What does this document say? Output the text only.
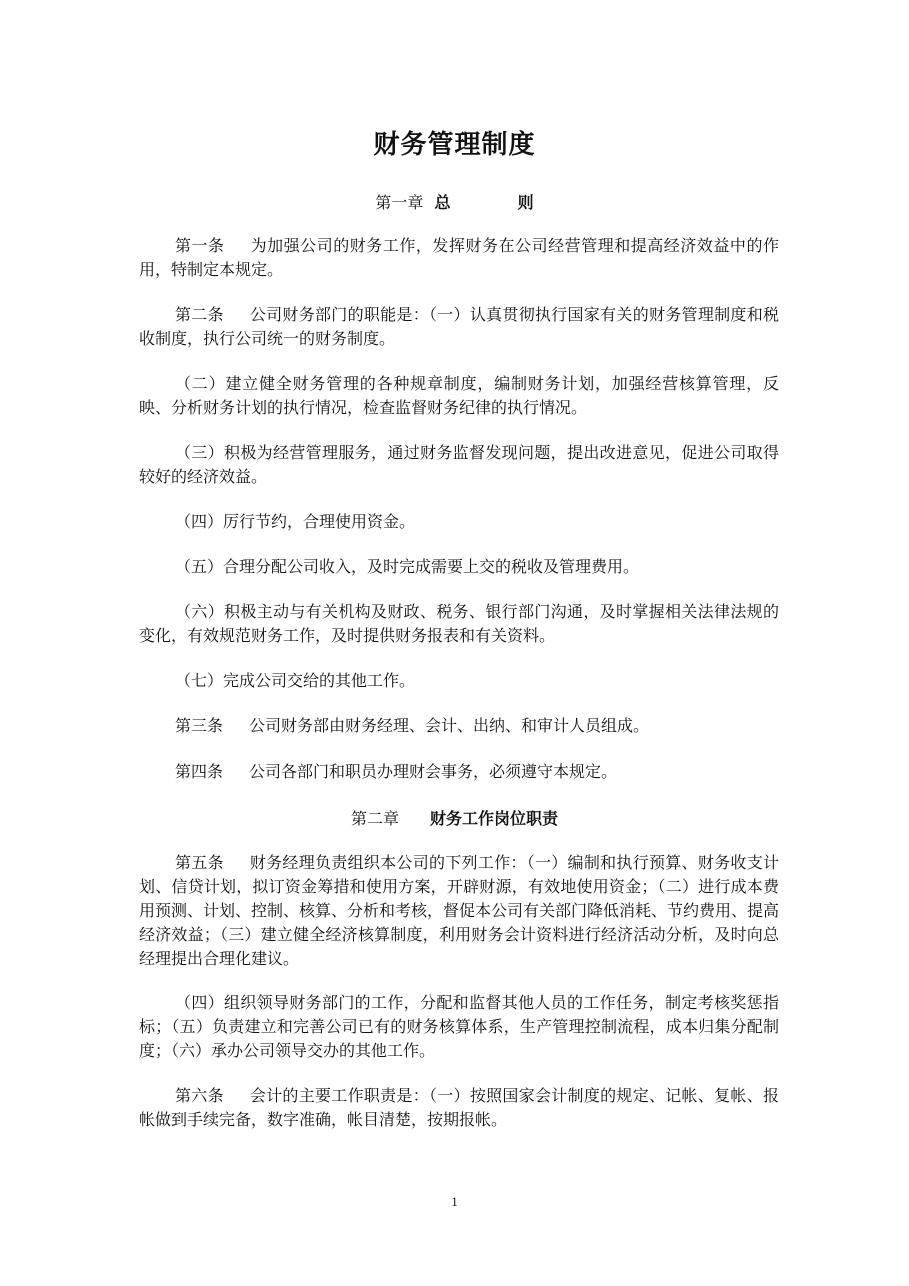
财务管理制度
第一章 总	则
第一条 为加强公司的财务工作，发挥财务在公司经营管理和提高经济效益中的作用，特制定本规定。
第二条 公司财务部门的职能是：（一）认真贯彻执行国家有关的财务管理制度和税收制度，执行公司统一的财务制度。
（二）建立健全财务管理的各种规章制度，编制财务计划，加强经营核算管理，反映、分析财务计划的执行情况，检查监督财务纪律的执行情况。
（三）积极为经营管理服务，通过财务监督发现问题，提出改进意见，促进公司取得较好的经济效益。
（四）厉行节约，合理使用资金。
（五）合理分配公司收入，及时完成需要上交的税收及管理费用。
（六）积极主动与有关机构及财政、税务、银行部门沟通，及时掌握相关法律法规的变化，有效规范财务工作，及时提供财务报表和有关资料。
（七）完成公司交给的其他工作。
第三条 公司财务部由财务经理、会计、出纳、和审计人员组成。
第四条 公司各部门和职员办理财会事务，必须遵守本规定。
第二章 财务工作岗位职责
第五条 财务经理负责组织本公司的下列工作：（一）编制和执行预算、财务收支计划、信贷计划，拟订资金筹措和使用方案，开辟财源，有效地使用资金；（二）进行成本费用预测、计划、控制、核算、分析和考核，督促本公司有关部门降低消耗、节约费用、提高经济效益；（三）建立健全经济核算制度，利用财务会计资料进行经济活动分析，及时向总经理提出合理化建议。
（四）组织领导财务部门的工作，分配和监督其他人员的工作任务，制定考核奖惩指标；（五）负责建立和完善公司已有的财务核算体系，生产管理控制流程，成本归集分配制度；（六）承办公司领导交办的其他工作。
第六条 会计的主要工作职责是：（一）按照国家会计制度的规定、记帐、复帐、报帐做到手续完备，数字准确，帐目清楚，按期报帐。
1
